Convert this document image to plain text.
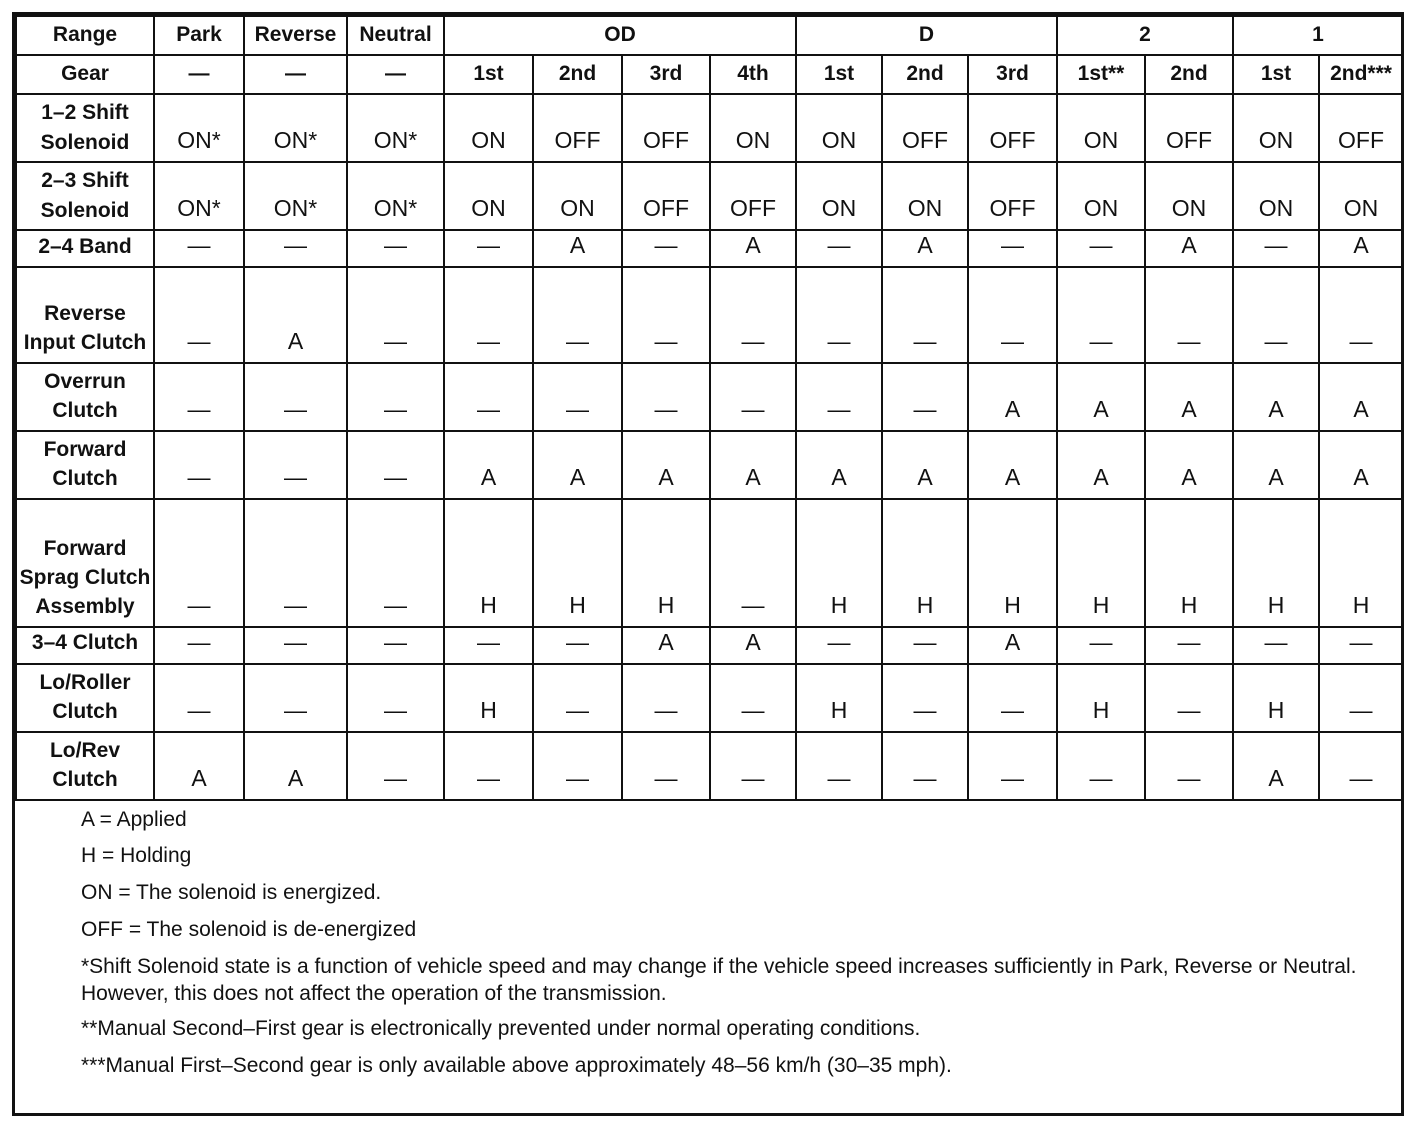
Range	Park	Reverse	Neutral	OD				D			2		1	
Gear	—	—	—	1st	2nd	3rd	4th	1st	2nd	3rd	1st**	2nd	1st	2nd***
1–2 Shift Solenoid	ON*	ON*	ON*	ON	OFF	OFF	ON	ON	OFF	OFF	ON	OFF	ON	OFF
2–3 Shift Solenoid	ON*	ON*	ON*	ON	ON	OFF	OFF	ON	ON	OFF	ON	ON	ON	ON
2–4 Band	—	—	—	—	A	—	A	—	A	—	—	A	—	A
Reverse Input Clutch	—	A	—	—	—	—	—	—	—	—	—	—	—	—
Overrun Clutch	—	—	—	—	—	—	—	—	—	A	A	A	A	A
Forward Clutch	—	—	—	A	A	A	A	A	A	A	A	A	A	A
Forward Sprag Clutch Assembly	—	—	—	H	H	H	—	H	H	H	H	H	H	H
3–4 Clutch	—	—	—	—	—	A	A	—	—	A	—	—	—	—
Lo/Roller Clutch	—	—	—	H	—	—	—	H	—	—	H	—	H	—
Lo/Rev Clutch	A	A	—	—	—	—	—	—	—	—	—	—	A	—

A = Applied

H = Holding

ON = The solenoid is energized.

OFF = The solenoid is de-energized

*Shift Solenoid state is a function of vehicle speed and may change if the vehicle speed increases sufficiently in Park, Reverse or Neutral. However, this does not affect the operation of the transmission.

**Manual Second–First gear is electronically prevented under normal operating conditions.

***Manual First–Second gear is only available above approximately 48–56 km/h (30–35 mph).
